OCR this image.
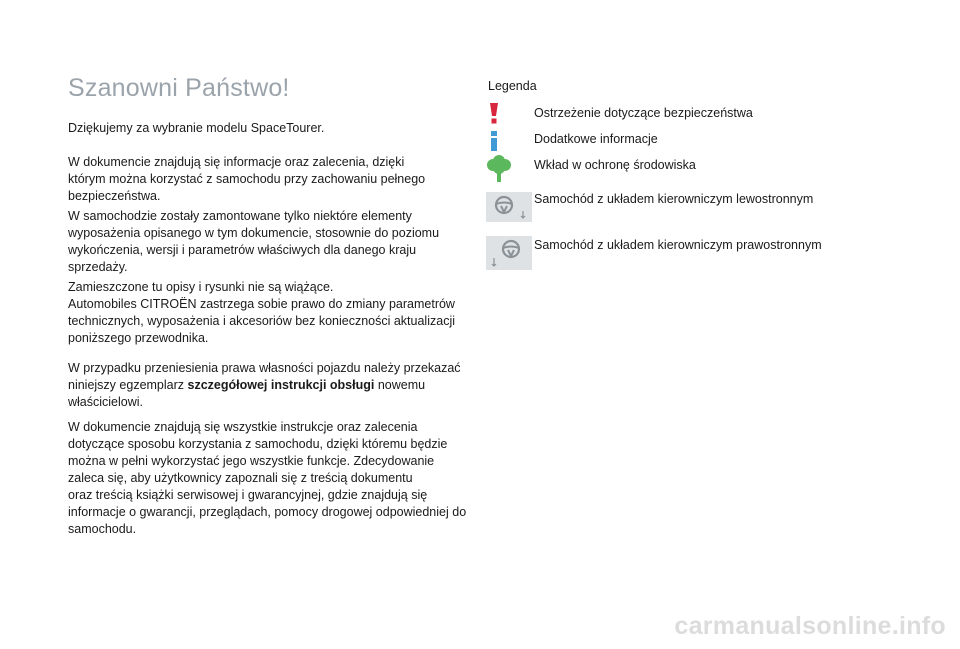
Szanowni Państwo!

Dziękujemy za wybranie modelu SpaceTourer.

W dokumencie znajdują się informacje oraz zalecenia, dzięki
którym można korzystać z samochodu przy zachowaniu pełnego
bezpieczeństwa.

W samochodzie zostały zamontowane tylko niektóre elementy
wyposażenia opisanego w tym dokumencie, stosownie do poziomu
wykończenia, wersji i parametrów właściwych dla danego kraju
sprzedaży.

Zamieszczone tu opisy i rysunki nie są wiążące.
Automobiles CITROËN zastrzega sobie prawo do zmiany parametrów
technicznych, wyposażenia i akcesoriów bez konieczności aktualizacji
poniższego przewodnika.

W przypadku przeniesienia prawa własności pojazdu należy przekazać
niniejszy egzemplarz szczegółowej instrukcji obsługi nowemu
właścicielowi.

W dokumencie znajdują się wszystkie instrukcje oraz zalecenia
dotyczące sposobu korzystania z samochodu, dzięki któremu będzie
można w pełni wykorzystać jego wszystkie funkcje. Zdecydowanie
zaleca się, aby użytkownicy zapoznali się z treścią dokumentu
oraz treścią książki serwisowej i gwarancyjnej, gdzie znajdują się
informacje o gwarancji, przeglądach, pomocy drogowej odpowiedniej do
samochodu.

Legenda

Ostrzeżenie dotyczące bezpieczeństwa
Dodatkowe informacje
Wkład w ochronę środowiska
Samochód z układem kierowniczym lewostronnym
Samochód z układem kierowniczym prawostronnym
carmanualsonline.info
